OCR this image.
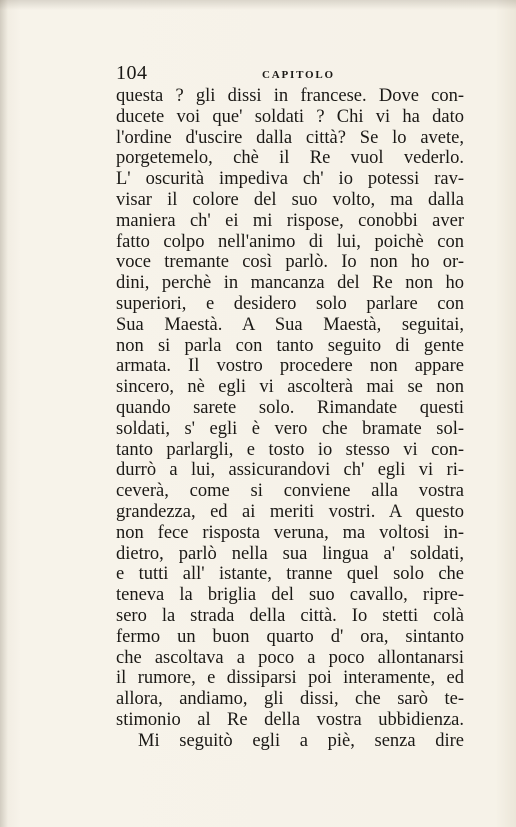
104	CAPITOLO
questa ? gli dissi in francese. Dove con-
ducete voi que' soldati ? Chi vi ha dato
l'ordine d'uscire dalla città? Se lo avete,
porgetemelo, chè il Re vuol vederlo.
L' oscurità impediva ch' io potessi rav-
visar il colore del suo volto, ma dalla
maniera ch' ei mi rispose, conobbi aver
fatto colpo nell'animo di lui, poichè con
voce tremante così parlò. Io non ho or-
dini, perchè in mancanza del Re non ho
superiori, e desidero solo parlare con
Sua Maestà. A Sua Maestà, seguitai,
non si parla con tanto seguito di gente
armata. Il vostro procedere non appare
sincero, nè egli vi ascolterà mai se non
quando sarete solo. Rimandate questi
soldati, s' egli è vero che bramate sol-
tanto parlargli, e tosto io stesso vi con-
durrò a lui, assicurandovi ch' egli vi ri-
ceverà, come si conviene alla vostra
grandezza, ed ai meriti vostri. A questo
non fece risposta veruna, ma voltosi in-
dietro, parlò nella sua lingua a' soldati,
e tutti all' istante, tranne quel solo che
teneva la briglia del suo cavallo, ripre-
sero la strada della città. Io stetti colà
fermo un buon quarto d' ora, sintanto
che ascoltava a poco a poco allontanarsi
il rumore, e dissiparsi poi interamente, ed
allora, andiamo, gli dissi, che sarò te-
stimonio al Re della vostra ubbidienza.
Mi seguitò egli a piè, senza dire
